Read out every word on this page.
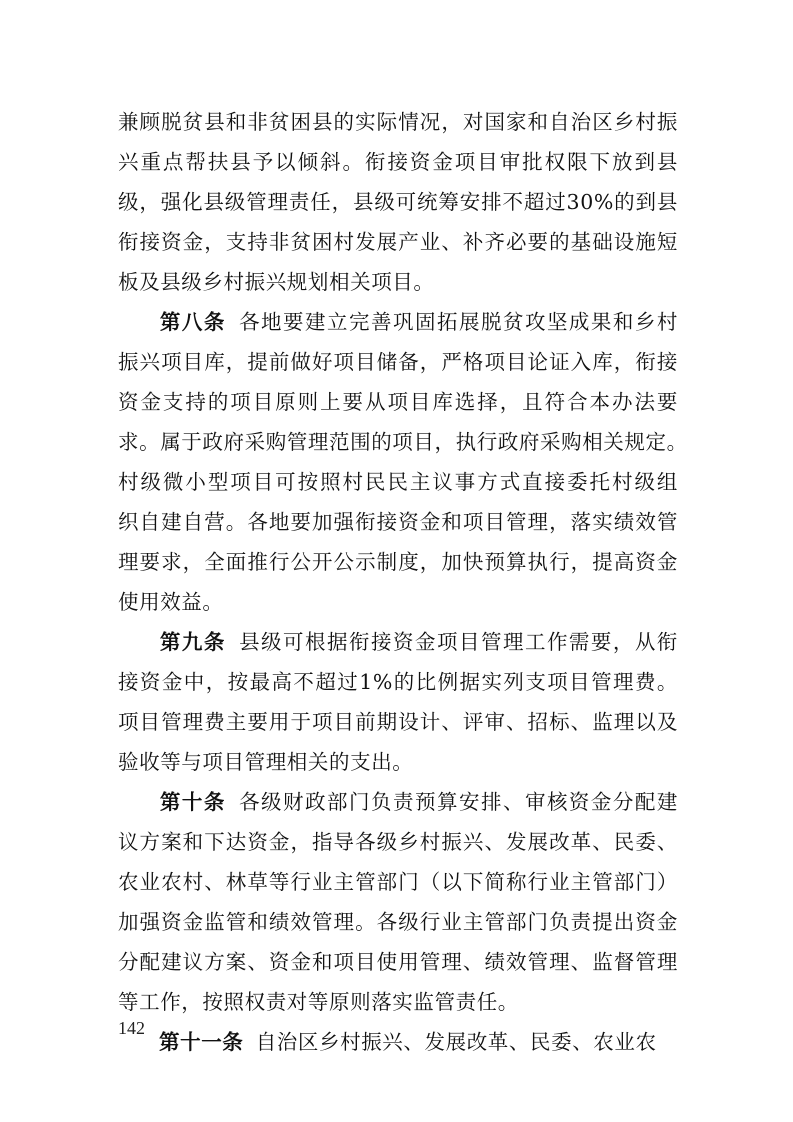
兼顾脱贫县和非贫困县的实际情况，对国家和自治区乡村振
兴重点帮扶县予以倾斜。衔接资金项目审批权限下放到县
级，强化县级管理责任，县级可统筹安排不超过30%的到县
衔接资金，支持非贫困村发展产业、补齐必要的基础设施短
板及县级乡村振兴规划相关项目。
第八条 各地要建立完善巩固拓展脱贫攻坚成果和乡村
振兴项目库，提前做好项目储备，严格项目论证入库，衔接
资金支持的项目原则上要从项目库选择，且符合本办法要
求。属于政府采购管理范围的项目，执行政府采购相关规定。
村级微小型项目可按照村民民主议事方式直接委托村级组
织自建自营。各地要加强衔接资金和项目管理，落实绩效管
理要求，全面推行公开公示制度，加快预算执行，提高资金
使用效益。
第九条 县级可根据衔接资金项目管理工作需要，从衔
接资金中，按最高不超过1%的比例据实列支项目管理费。
项目管理费主要用于项目前期设计、评审、招标、监理以及
验收等与项目管理相关的支出。
第十条 各级财政部门负责预算安排、审核资金分配建
议方案和下达资金，指导各级乡村振兴、发展改革、民委、
农业农村、林草等行业主管部门（以下简称行业主管部门）
加强资金监管和绩效管理。各级行业主管部门负责提出资金
分配建议方案、资金和项目使用管理、绩效管理、监督管理
等工作，按照权责对等原则落实监管责任。
第十一条 自治区乡村振兴、发展改革、民委、农业农
142
